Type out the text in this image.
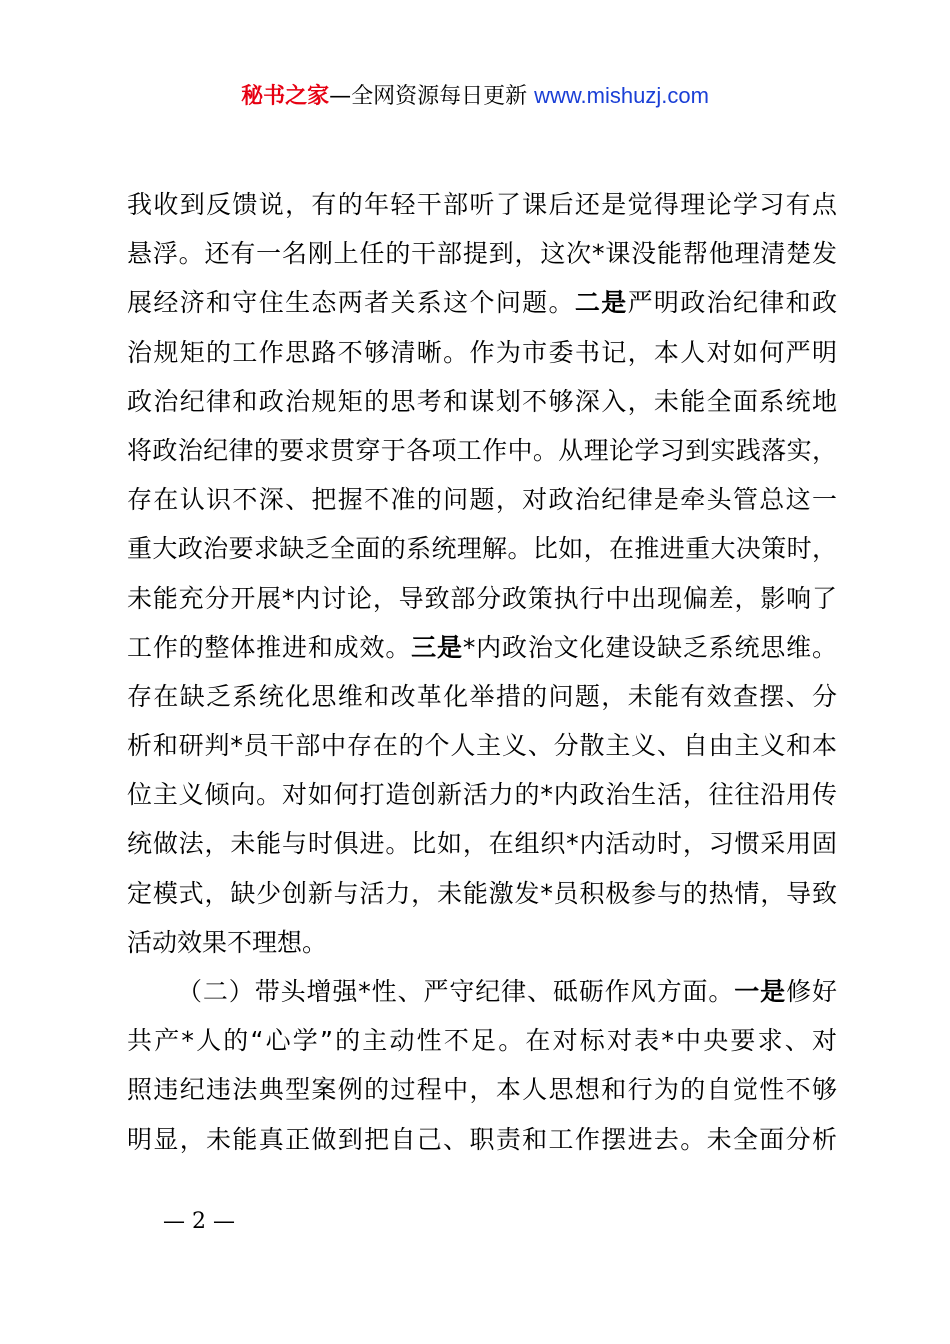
秘书之家—全网资源每日更新 www.mishuzj.com
我收到反馈说，有的年轻干部听了课后还是觉得理论学习有点
悬浮。还有一名刚上任的干部提到，这次*课没能帮他理清楚发
展经济和守住生态两者关系这个问题。二是严明政治纪律和政
治规矩的工作思路不够清晰。作为市委书记，本人对如何严明
政治纪律和政治规矩的思考和谋划不够深入，未能全面系统地
将政治纪律的要求贯穿于各项工作中。从理论学习到实践落实，
存在认识不深、把握不准的问题，对政治纪律是牵头管总这一
重大政治要求缺乏全面的系统理解。比如，在推进重大决策时，
未能充分开展*内讨论，导致部分政策执行中出现偏差，影响了
工作的整体推进和成效。三是*内政治文化建设缺乏系统思维。
存在缺乏系统化思维和改革化举措的问题，未能有效查摆、分
析和研判*员干部中存在的个人主义、分散主义、自由主义和本
位主义倾向。对如何打造创新活力的*内政治生活，往往沿用传
统做法，未能与时俱进。比如，在组织*内活动时，习惯采用固
定模式，缺少创新与活力，未能激发*员积极参与的热情，导致
活动效果不理想。
（二）带头增强*性、严守纪律、砥砺作风方面。一是修好
共产*人的“心学”的主动性不足。在对标对表*中央要求、对
照违纪违法典型案例的过程中，本人思想和行为的自觉性不够
明显，未能真正做到把自己、职责和工作摆进去。未全面分析
— 2 —
